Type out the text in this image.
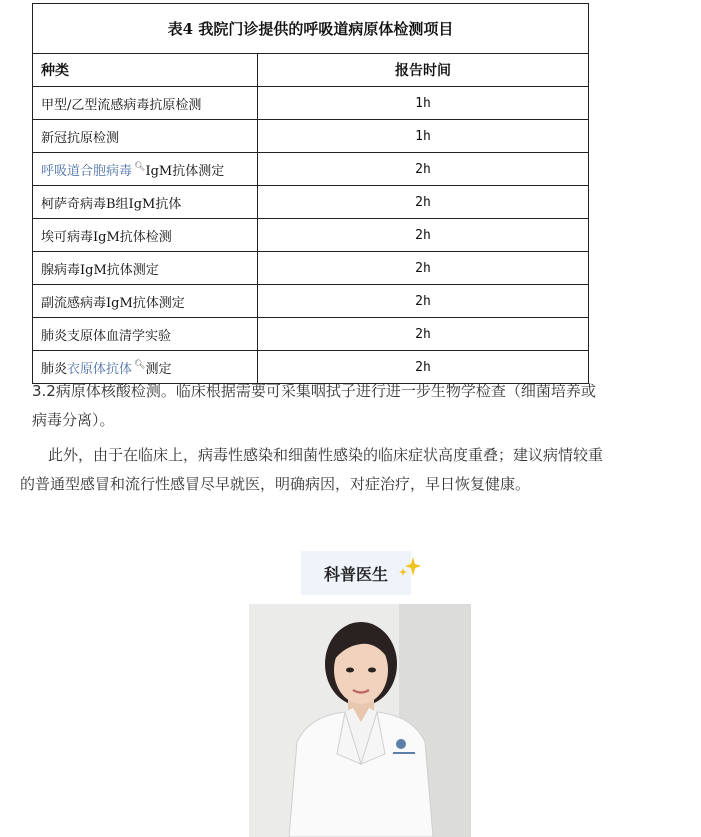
表4 我院门诊提供的呼吸道病原体检测项目	
种类	报告时间
甲型/乙型流感病毒抗原检测	1h
新冠抗原检测	1h
呼吸道合胞病毒 🔍︎IgM抗体测定	2h
柯萨奇病毒B组IgM抗体	2h
埃可病毒IgM抗体检测	2h
腺病毒IgM抗体测定	2h
副流感病毒IgM抗体测定	2h
肺炎支原体血清学实验	2h
肺炎衣原体抗体 🔍︎测定	2h
3.2病原体核酸检测。临床根据需要可采集咽拭子进行进一步生物学检查（细菌培养或病毒分离）。
此外，由于在临床上，病毒性感染和细菌性感染的临床症状高度重叠；建议病情较重的普通型感冒和流行性感冒尽早就医，明确病因，对症治疗，早日恢复健康。
科普医生
